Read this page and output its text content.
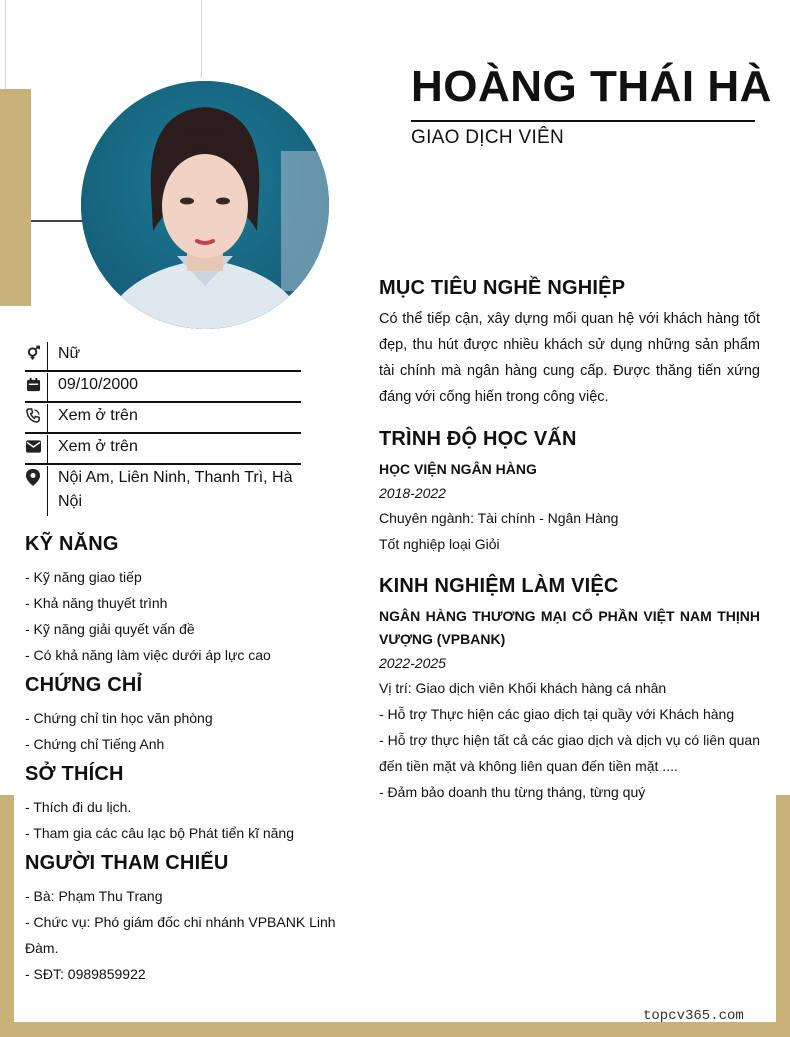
HOÀNG THÁI HÀ
GIAO DỊCH VIÊN
Nữ
09/10/2000
Xem ở trên
Xem ở trên
Nội Am, Liên Ninh, Thanh Trì, Hà Nội
KỸ NĂNG
- Kỹ năng giao tiếp
- Khả năng thuyết trình
- Kỹ năng giải quyết vấn đề
- Có khả năng làm việc dưới áp lực cao
CHỨNG CHỈ
- Chứng chỉ tin học văn phòng
- Chứng chỉ Tiếng Anh
SỞ THÍCH
- Thích đi du lịch.
- Tham gia các câu lạc bộ Phát tiển kĩ năng
NGƯỜI THAM CHIẾU
- Bà: Phạm Thu Trang
- Chức vụ: Phó giám đốc chi nhánh VPBANK Linh Đàm.
- SĐT: 0989859922
MỤC TIÊU NGHỀ NGHIỆP
Có thể tiếp cận, xây dựng mối quan hệ với khách hàng tốt đẹp, thu hút được nhiều khách sử dụng những sản phẩm tài chính mà ngân hàng cung cấp. Được thăng tiến xứng đáng với cống hiến trong công việc.
TRÌNH ĐỘ HỌC VẤN
HỌC VIỆN NGÂN HÀNG
2018-2022
Chuyên ngành: Tài chính - Ngân Hàng
Tốt nghiệp loại Giỏi
KINH NGHIỆM LÀM VIỆC
NGÂN HÀNG THƯƠNG MẠI CỔ PHẦN VIỆT NAM THỊNH VƯỢNG (VPBANK)
2022-2025
Vị trí: Giao dịch viên Khối khách hàng cá nhân
- Hỗ trợ Thực hiện các giao dịch tại quầy với Khách hàng
- Hỗ trợ thực hiện tất cả các giao dịch và dịch vụ có liên quan đến tiền mặt và không liên quan đến tiền mặt ....
- Đảm bảo doanh thu từng tháng, từng quý
topcv365.com
